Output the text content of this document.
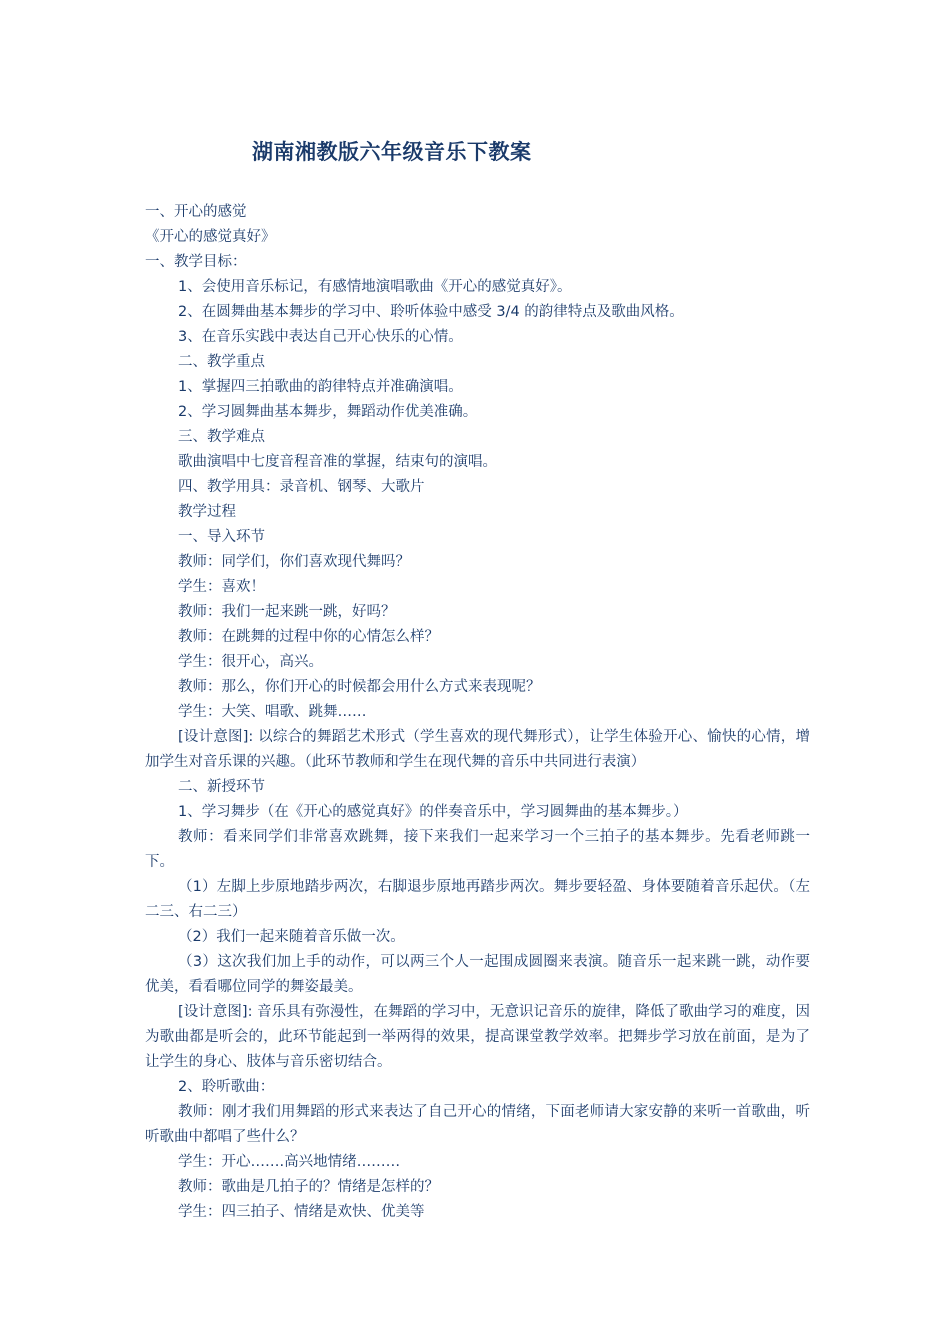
湖南湘教版六年级音乐下教案
一、开心的感觉
《开心的感觉真好》
一、教学目标：
1、会使用音乐标记，有感情地演唱歌曲《开心的感觉真好》。
2、在圆舞曲基本舞步的学习中、聆听体验中感受 3/4 的韵律特点及歌曲风格。
3、在音乐实践中表达自己开心快乐的心情。
二、教学重点
1、掌握四三拍歌曲的韵律特点并准确演唱。
2、学习圆舞曲基本舞步，舞蹈动作优美准确。
三、教学难点
歌曲演唱中七度音程音准的掌握，结束句的演唱。
四、教学用具：录音机、钢琴、大歌片
教学过程
一、导入环节
教师：同学们，你们喜欢现代舞吗？
学生：喜欢！
教师：我们一起来跳一跳，好吗？
教师：在跳舞的过程中你的心情怎么样？
学生：很开心，高兴。
教师：那么，你们开心的时候都会用什么方式来表现呢？
学生：大笑、唱歌、跳舞……
[设计意图]: 以综合的舞蹈艺术形式（学生喜欢的现代舞形式），让学生体验开心、愉快的心情，增加学生对音乐课的兴趣。（此环节教师和学生在现代舞的音乐中共同进行表演）
二、新授环节
1、学习舞步（在《开心的感觉真好》的伴奏音乐中，学习圆舞曲的基本舞步。）
教师：看来同学们非常喜欢跳舞，接下来我们一起来学习一个三拍子的基本舞步。先看老师跳一下。
（1）左脚上步原地踏步两次，右脚退步原地再踏步两次。舞步要轻盈、身体要随着音乐起伏。（左二三、右二三）
（2）我们一起来随着音乐做一次。
（3）这次我们加上手的动作，可以两三个人一起围成圆圈来表演。随音乐一起来跳一跳，动作要优美，看看哪位同学的舞姿最美。
[设计意图]: 音乐具有弥漫性，在舞蹈的学习中，无意识记音乐的旋律，降低了歌曲学习的难度，因为歌曲都是听会的，此环节能起到一举两得的效果，提高课堂教学效率。把舞步学习放在前面，是为了让学生的身心、肢体与音乐密切结合。
2、聆听歌曲：
教师：刚才我们用舞蹈的形式来表达了自己开心的情绪，下面老师请大家安静的来听一首歌曲，听听歌曲中都唱了些什么？
学生：开心…….高兴地情绪………
教师：歌曲是几拍子的？情绪是怎样的？
学生：四三拍子、情绪是欢快、优美等
